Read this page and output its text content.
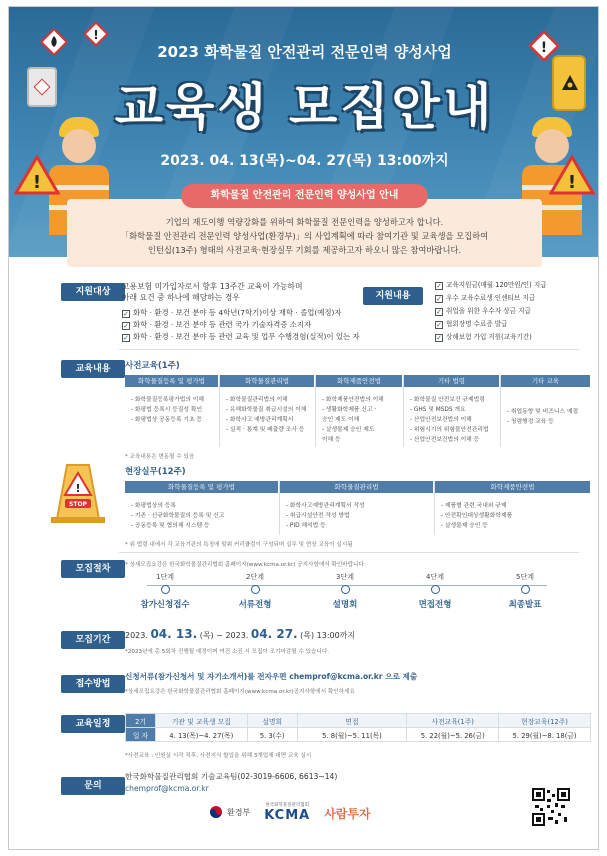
!
!
!	!
2023 화학물질 안전관리 전문인력 양성사업
교육생 모집안내
2023. 04. 13(목)~04. 27(목) 13:00까지
기업의 재도이행 역량강화를 위하여 화학물질 전문인력을 양성하고자 합니다.
「화학물질 안전관리 전문인력 양성사업(환경부)」의 사업계획에 따라 참여기관 및 교육생을 모집하여
인턴십(13주) 형태의 사전교육·현장실무 기회를 제공하고자 하오니 많은 참여바랍니다.
화학물질 안전관리 전문인력 양성사업 안내
지원대상
고용보험 미가입자로서 향후 13주간 교육이 가능하며
아래 요건 중 하나에 해당하는 경우
✓ 화학 · 환경 · 보건 분야 등 4학년(7학기)이상 재학 · 졸업(예정)자
✓ 화학 · 환경 · 보건 분야 등 관련 국가 기술자격증 소지자
✓ 화학 · 환경 · 보건 분야 등 관련 교육 및 업무 수행경험(실적)이 있는 자
지원내용
✓ 교육지원금(매월 120만원/인) 지급
✓ 우수 교육수료생 인센티브 지급
✓ 취업을 위한 우수자 상금 지급
✓ 협회장명 수료증 발급
✓ 상해보험 가입 지원(교육기간)
교육내용	사전교육(1주)
화학물질등록 및 평가법
- 화학물질등록평가법의 이해
- 화평법 등록시 등질성 확인
- 화평법상 공동등록 기초 등
화학물질관리법
- 화학물질관리법의 이해
- 유해화학물질 취급시설의 이해
- 화학사고 예방관리계획서
- 실적 · 통계 및 배출량 조사 등
화학제품안전법
- 화학제품안전법의 이해
- 생활화학제품 신고 ·
승인 제도 이해
- 살생물제 승인 제도
이해 등
기타 법령
- 화학물질 안전보건 규제법령
- GHS 및 MSDS 개요
- 산업안전보건법의 이해
- 위험시기의 위험물안전관리법
- 산업안전보건법의 이해 등
기타 교육
- 취업동향 및 비즈니스 예절
- 청렴행정 교육 등
* 교육내용은 변동될 수 있음
!
STOP
현장실무(12주)
화학물질등록 및 평가법
- 화평법상의 등록
- 기존 · 신규화학물질의 등록 및 신고
- 공동등록 및 협의체 시스템 등
화학물질관리법
- 화학사고예방관리계획서 작성
- 취급시설안전 작성 방법
- PID 해석법 등
화학제품안전법
- 제품별 관련 국내외 규제
- 안전확인대상생활화학제품
- 살생물제 승인 등
* 위 법령 내에서 각 교육기관의 특징에 맞춰 커리큘럼이 구성되며 실무 및 현장 교육이 실시됨
모집절차	* 상세모집요강은 한국화학물질관리협회 홈페이지(www.kcma.or.kr) 공지사항에서 확인바랍니다
1단계
참가신청접수
2단계
서류전형
3단계
설명회
4단계
면접전형
5단계
최종발표
모집기간	2023. 04. 13. (목) ~ 2023. 04. 27. (목) 13:00까지
*2023년에 총 5회차 진행될 예정이며 여건 소진 시 모집이 조기마감될 수 있습니다.
접수방법
신청서류(참가신청서 및 자기소개서)를 전자우편 chemprof@kcma.or.kr 으로 제출
*상세모집요강은 한국화학물질관리협회 홈페이지(www.kcma.or.kr)공지사항에서 확인하세요
교육일정	2기	기관 및 교육생 모집	설명회	면접	사전교육(1주)	현장교육(12주)
일 자	4. 13(목)~4. 27(목)	5. 3(수)	5. 8(월)~5. 11(목)	5. 22(월)~5. 26(금)	5. 29(월)~8. 18(금)
*사전교육 : 인원실 시작 직후, 사전지식 합입을 위해 3개업체 대면 교육 실시
문의
한국화학물질관리협회 기술교육팀(02-3019-6606, 6613~14)
chemprof@kcma.or.kr
환경부
한국화학물질관리협회
KCMA 사람투자
